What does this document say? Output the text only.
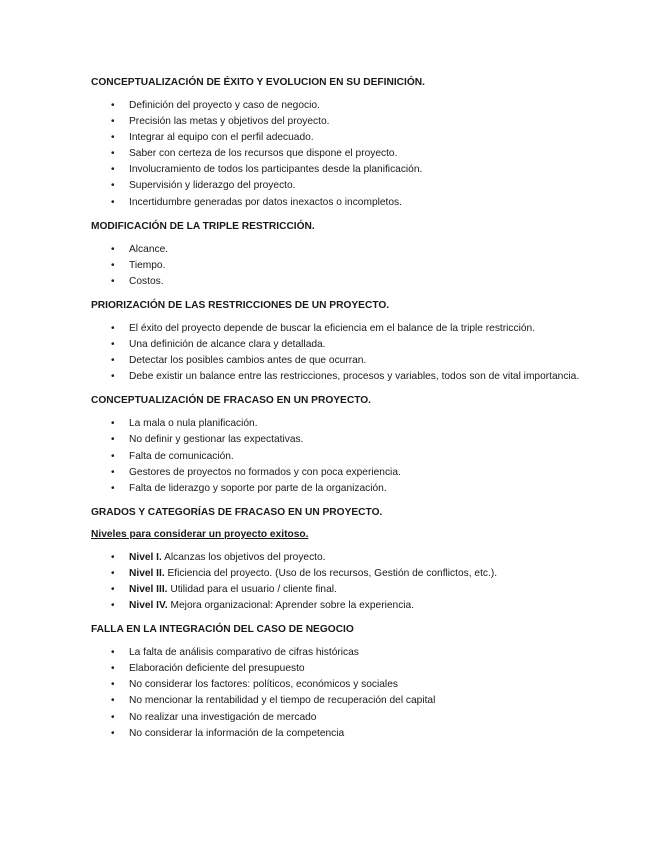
CONCEPTUALIZACIÓN DE ÉXITO Y EVOLUCION EN SU DEFINICIÓN.
• Definición del proyecto y caso de negocio.
• Precisión las metas y objetivos del proyecto.
• Integrar al equipo con el perfil adecuado.
• Saber con certeza de los recursos que dispone el proyecto.
• Involucramiento de todos los participantes desde la planificación.
• Supervisión y liderazgo del proyecto.
• Incertidumbre generadas por datos inexactos o incompletos.
MODIFICACIÓN DE LA TRIPLE RESTRICCIÓN.
• Alcance.
• Tiempo.
• Costos.
PRIORIZACIÓN DE LAS RESTRICCIONES DE UN PROYECTO.
• El éxito del proyecto depende de buscar la eficiencia em el balance de la triple restricción.
• Una definición de alcance clara y detallada.
• Detectar los posibles cambios antes de que ocurran.
• Debe existir un balance entre las restricciones, procesos y variables, todos son de vital importancia.
CONCEPTUALIZACIÓN DE FRACASO EN UN PROYECTO.
• La mala o nula planificación.
• No definir y gestionar las expectativas.
• Falta de comunicación.
• Gestores de proyectos no formados y con poca experiencia.
• Falta de liderazgo y soporte por parte de la organización.
GRADOS Y CATEGORÍAS DE FRACASO EN UN PROYECTO.
Niveles para considerar un proyecto exitoso.
• Nivel I. Alcanzas los objetivos del proyecto.
• Nivel II. Eficiencia del proyecto. (Uso de los recursos, Gestión de conflictos, etc.).
• Nivel III. Utilidad para el usuario / cliente final.
• Nivel IV. Mejora organizacional: Aprender sobre la experiencia.
FALLA EN LA INTEGRACIÓN DEL CASO DE NEGOCIO
• La falta de análisis comparativo de cifras históricas
• Elaboración deficiente del presupuesto
• No considerar los factores: políticos, económicos y sociales
• No mencionar la rentabilidad y el tiempo de recuperación del capital
• No realizar una investigación de mercado
• No considerar la información de la competencia
